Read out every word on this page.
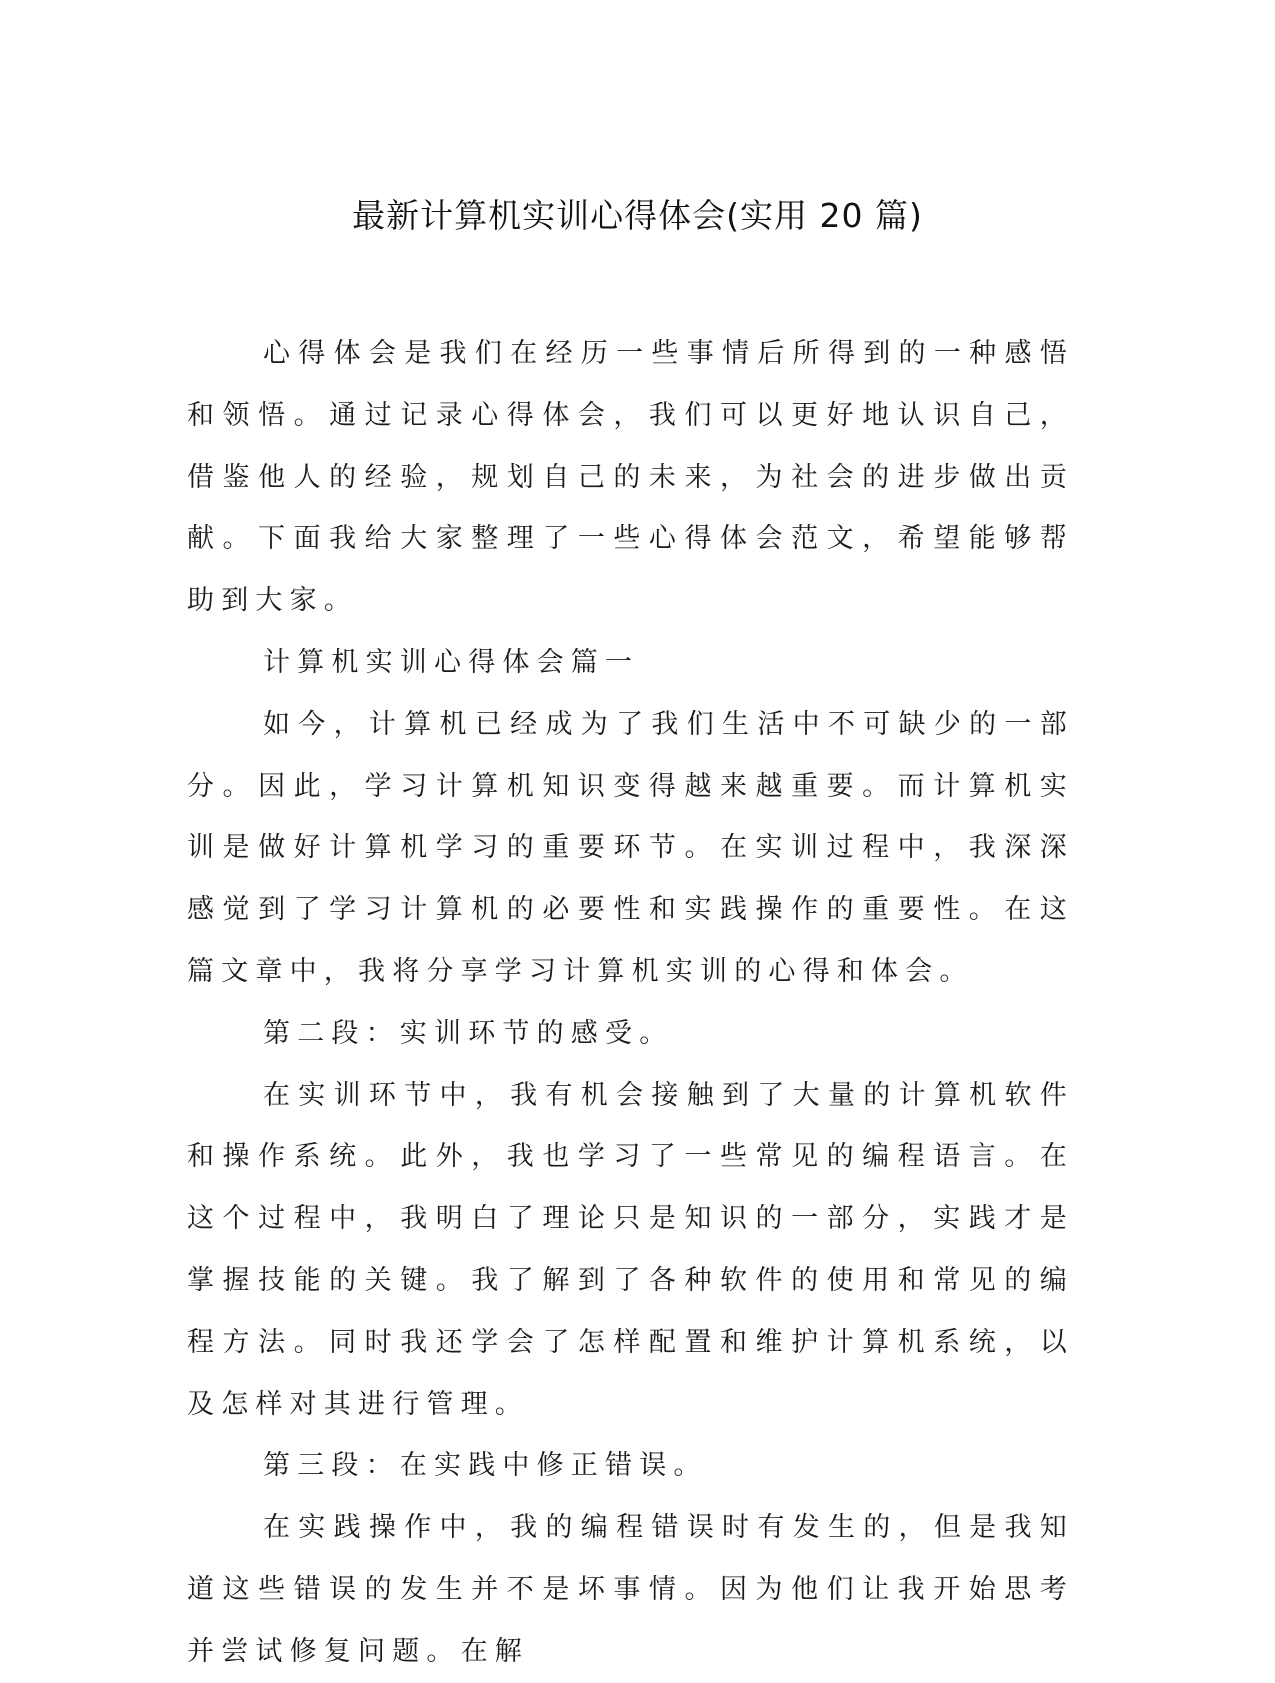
最新计算机实训心得体会(实用 20 篇)

心得体会是我们在经历一些事情后所得到的一种感悟和领悟。通过记录心得体会，我们可以更好地认识自己，借鉴他人的经验，规划自己的未来，为社会的进步做出贡献。下面我给大家整理了一些心得体会范文，希望能够帮助到大家。

计算机实训心得体会篇一

如今，计算机已经成为了我们生活中不可缺少的一部分。因此，学习计算机知识变得越来越重要。而计算机实训是做好计算机学习的重要环节。在实训过程中，我深深感觉到了学习计算机的必要性和实践操作的重要性。在这篇文章中，我将分享学习计算机实训的心得和体会。

第二段：实训环节的感受。

在实训环节中，我有机会接触到了大量的计算机软件和操作系统。此外，我也学习了一些常见的编程语言。在这个过程中，我明白了理论只是知识的一部分，实践才是掌握技能的关键。我了解到了各种软件的使用和常见的编程方法。同时我还学会了怎样配置和维护计算机系统，以及怎样对其进行管理。

第三段：在实践中修正错误。

在实践操作中，我的编程错误时有发生的，但是我知道这些错误的发生并不是坏事情。因为他们让我开始思考并尝试修复问题。在解
